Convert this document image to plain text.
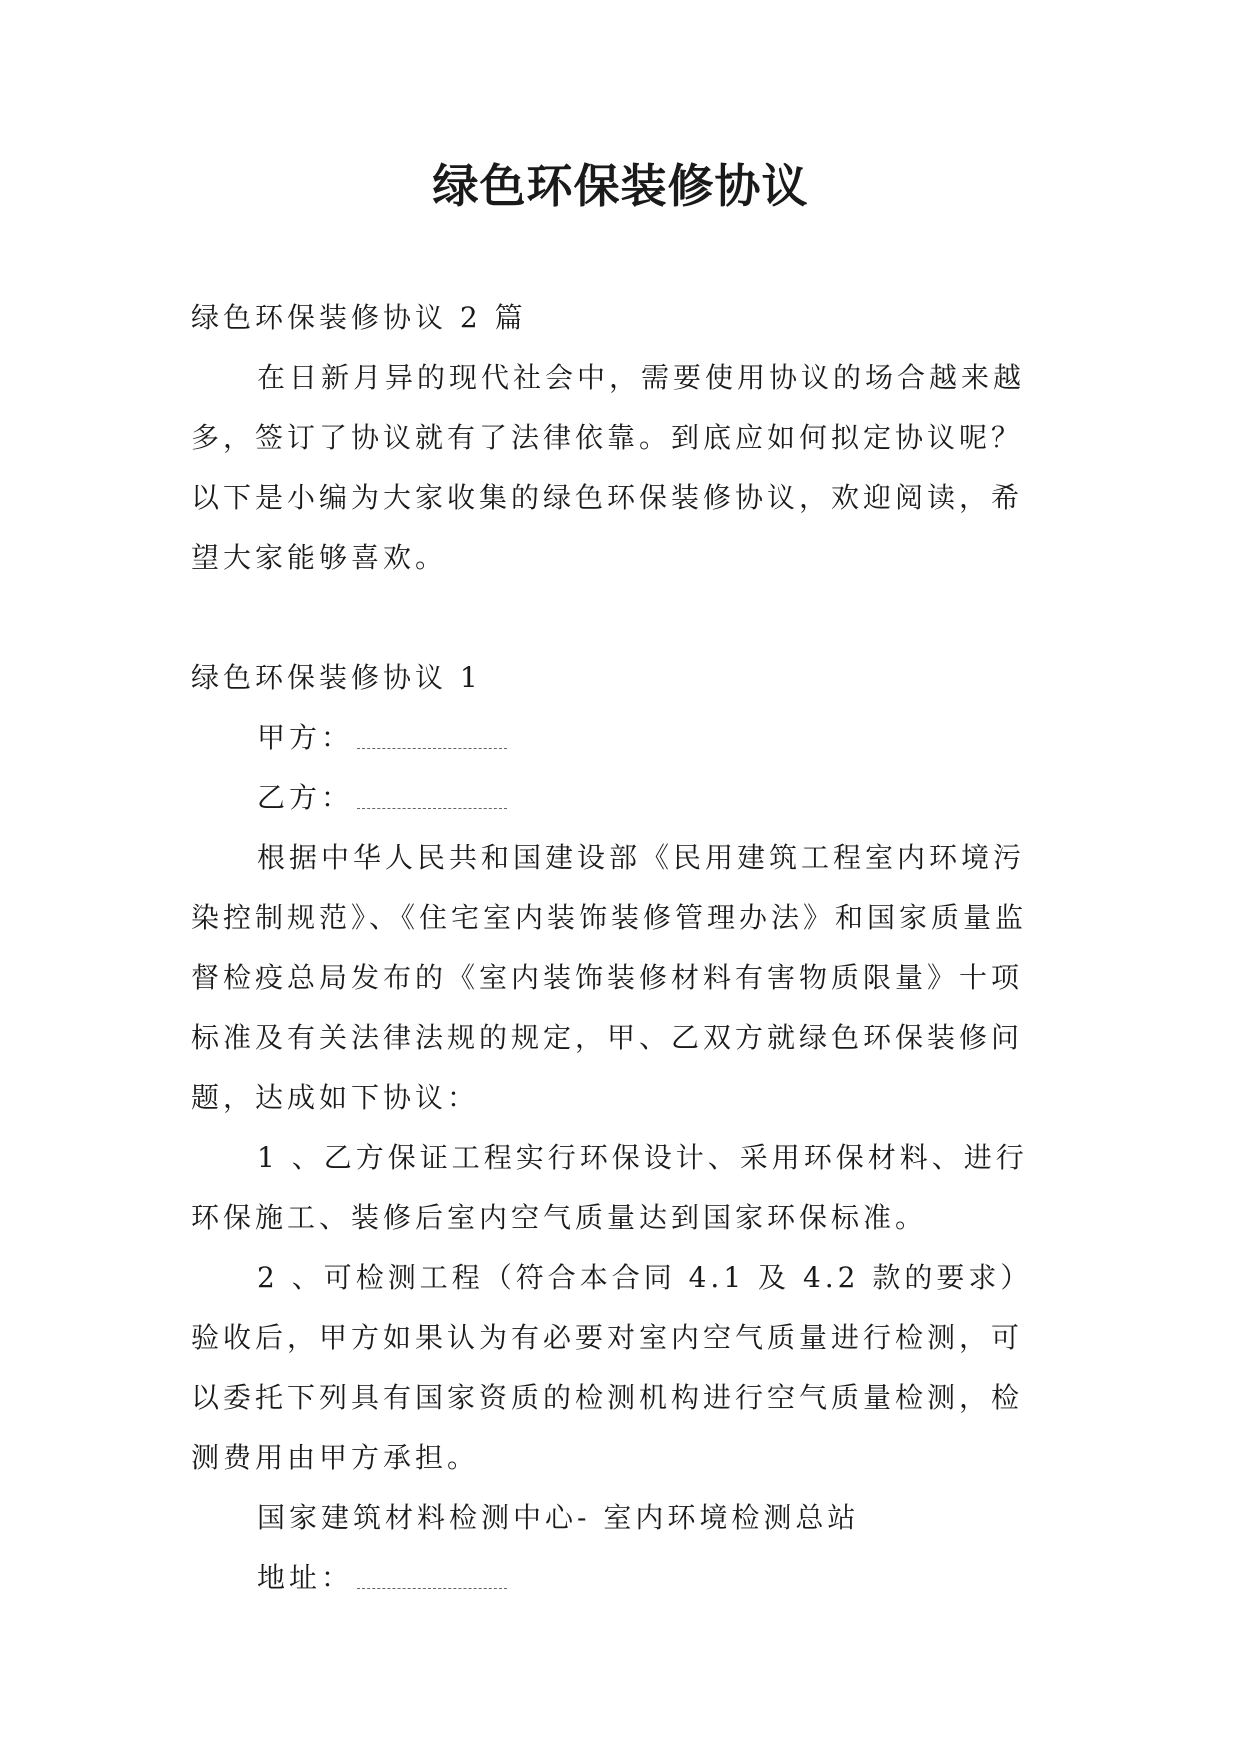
绿色环保装修协议

绿色环保装修协议 2 篇

在日新月异的现代社会中，需要使用协议的场合越来越多，签订了协议就有了法律依靠。到底应如何拟定协议呢？以下是小编为大家收集的绿色环保装修协议，欢迎阅读，希望大家能够喜欢。

绿色环保装修协议 1

甲方：

乙方：

根据中华人民共和国建设部《民用建筑工程室内环境污染控制规范》、《住宅室内装饰装修管理办法》和国家质量监督检疫总局发布的《室内装饰装修材料有害物质限量》十项标准及有关法律法规的规定，甲、乙双方就绿色环保装修问题，达成如下协议：

1 、乙方保证工程实行环保设计、采用环保材料、进行环保施工、装修后室内空气质量达到国家环保标准。

2 、可检测工程（符合本合同 4.1 及 4.2 款的要求）验收后，甲方如果认为有必要对室内空气质量进行检测，可以委托下列具有国家资质的检测机构进行空气质量检测，检测费用由甲方承担。

国家建筑材料检测中心- 室内环境检测总站

地址：
